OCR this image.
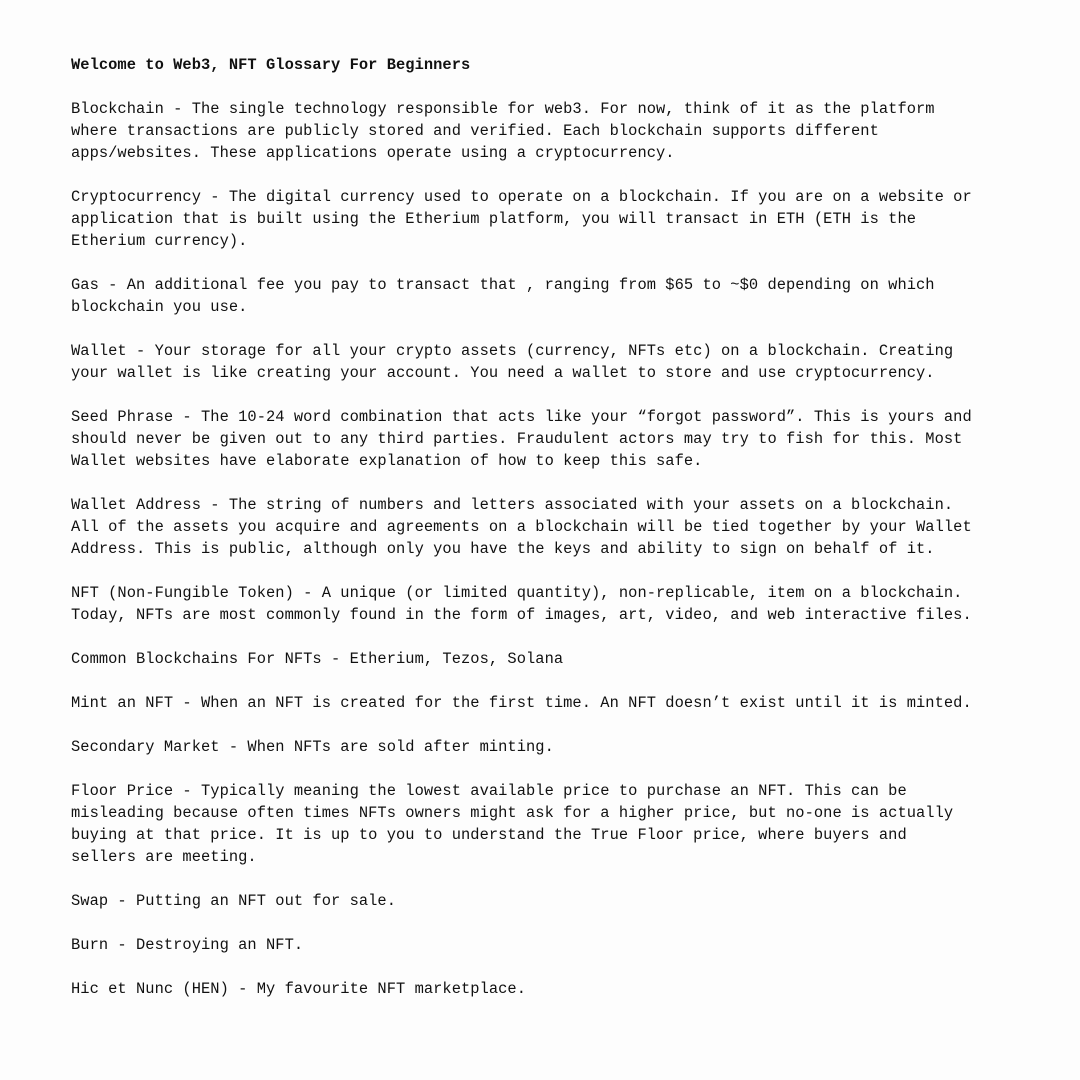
Welcome to Web3, NFT Glossary For Beginners
Blockchain - The single technology responsible for web3. For now, think of it as the platform
where transactions are publicly stored and verified. Each blockchain supports different
apps/websites. These applications operate using a cryptocurrency.
Cryptocurrency - The digital currency used to operate on a blockchain. If you are on a website or
application that is built using the Etherium platform, you will transact in ETH (ETH is the
Etherium currency).
Gas - An additional fee you pay to transact that , ranging from $65 to ~$0 depending on which
blockchain you use.
Wallet - Your storage for all your crypto assets (currency, NFTs etc) on a blockchain. Creating
your wallet is like creating your account. You need a wallet to store and use cryptocurrency.
Seed Phrase - The 10-24 word combination that acts like your “forgot password”. This is yours and
should never be given out to any third parties. Fraudulent actors may try to fish for this. Most
Wallet websites have elaborate explanation of how to keep this safe.
Wallet Address - The string of numbers and letters associated with your assets on a blockchain.
All of the assets you acquire and agreements on a blockchain will be tied together by your Wallet
Address. This is public, although only you have the keys and ability to sign on behalf of it.
NFT (Non-Fungible Token) - A unique (or limited quantity), non-replicable, item on a blockchain.
Today, NFTs are most commonly found in the form of images, art, video, and web interactive files.
Common Blockchains For NFTs - Etherium, Tezos, Solana
Mint an NFT - When an NFT is created for the first time. An NFT doesn’t exist until it is minted.
Secondary Market - When NFTs are sold after minting.
Floor Price - Typically meaning the lowest available price to purchase an NFT. This can be
misleading because often times NFTs owners might ask for a higher price, but no-one is actually
buying at that price. It is up to you to understand the True Floor price, where buyers and
sellers are meeting.
Swap - Putting an NFT out for sale.
Burn - Destroying an NFT.
Hic et Nunc (HEN) - My favourite NFT marketplace.
